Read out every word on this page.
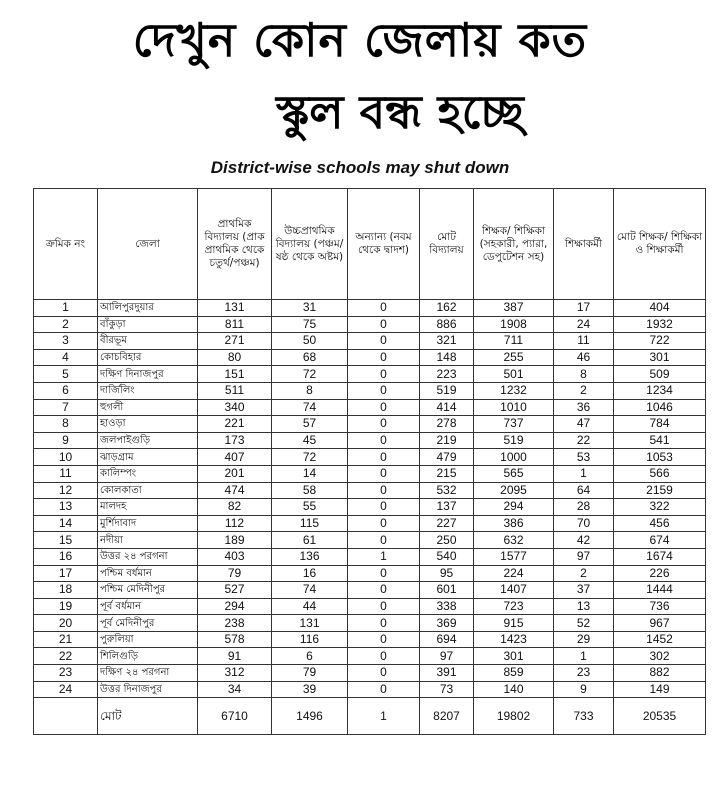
দেখুন কোন জেলায় কত
স্কুল বন্ধ হচ্ছে
District-wise schools may shut down
ক্রমিক নং	জেলা	প্রাথমিক বিদ্যালয় (প্রাক প্রাথমিক থেকে চতুর্থ/পঞ্চম)	উচ্চপ্রাথমিক বিদ্যালয় (পঞ্চম/ষষ্ঠ থেকে অষ্টম)	অন্যান্য (নবম থেকে দ্বাদশ)	মোট বিদ্যালয়	শিক্ষক/ শিক্ষিকা (সহকারী, প্যারা, ডেপুটেশন সহ)	শিক্ষাকর্মী	মোট শিক্ষক/ শিক্ষিকা ও শিক্ষাকর্মী
1	আলিপুরদুয়ার	131	31	0	162	387	17	404
2	বাঁকুড়া	811	75	0	886	1908	24	1932
3	বীরভূম	271	50	0	321	711	11	722
4	কোচবিহার	80	68	0	148	255	46	301
5	দক্ষিণ দিনাজপুর	151	72	0	223	501	8	509
6	দার্জিলিং	511	8	0	519	1232	2	1234
7	হুগলী	340	74	0	414	1010	36	1046
8	হাওড়া	221	57	0	278	737	47	784
9	জলপাইগুড়ি	173	45	0	219	519	22	541
10	ঝাড়গ্রাম	407	72	0	479	1000	53	1053
11	কালিম্পং	201	14	0	215	565	1	566
12	কোলকাতা	474	58	0	532	2095	64	2159
13	মালদহ	82	55	0	137	294	28	322
14	মুর্শিদাবাদ	112	115	0	227	386	70	456
15	নদীয়া	189	61	0	250	632	42	674
16	উত্তর ২৪ পরগনা	403	136	1	540	1577	97	1674
17	পশ্চিম বর্ধমান	79	16	0	95	224	2	226
18	পশ্চিম মেদিনীপুর	527	74	0	601	1407	37	1444
19	পূর্ব বর্ধমান	294	44	0	338	723	13	736
20	পূর্ব মেদিনীপুর	238	131	0	369	915	52	967
21	পুরুলিয়া	578	116	0	694	1423	29	1452
22	শিলিগুড়ি	91	6	0	97	301	1	302
23	দক্ষিণ ২৪ পরগনা	312	79	0	391	859	23	882
24	উত্তর দিনাজপুর	34	39	0	73	140	9	149
	মোট	6710	1496	1	8207	19802	733	20535
